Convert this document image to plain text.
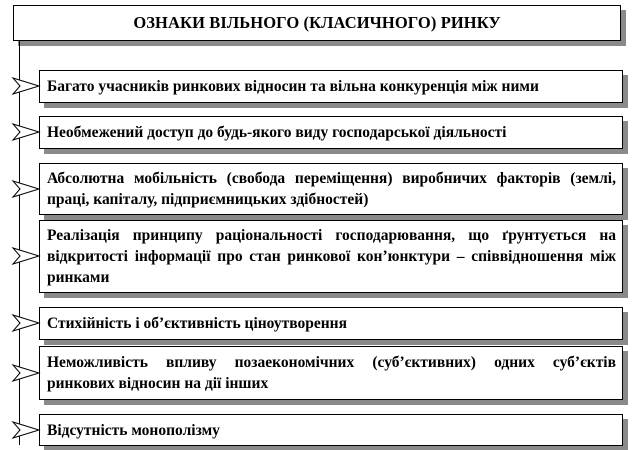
ОЗНАКИ ВІЛЬНОГО (КЛАСИЧНОГО) РИНКУ
Багато учасників ринкових відносин та вільна конкуренція між ними
Необмежений доступ до будь-якого виду господарської діяльності
Абсолютна мобільність (свобода переміщення) виробничих факторів (землі, праці, капіталу, підприємницьких здібностей)
Реалізація принципу раціональності господарювання, що ґрунтується на відкритості інформації про стан ринкової кон’юнктури – співвідношення між ринками
Стихійність і об’єктивність ціноутворення
Неможливість впливу позаекономічних (суб’єктивних) одних суб’єктів ринкових відносин на дії інших
Відсутність монополізму
